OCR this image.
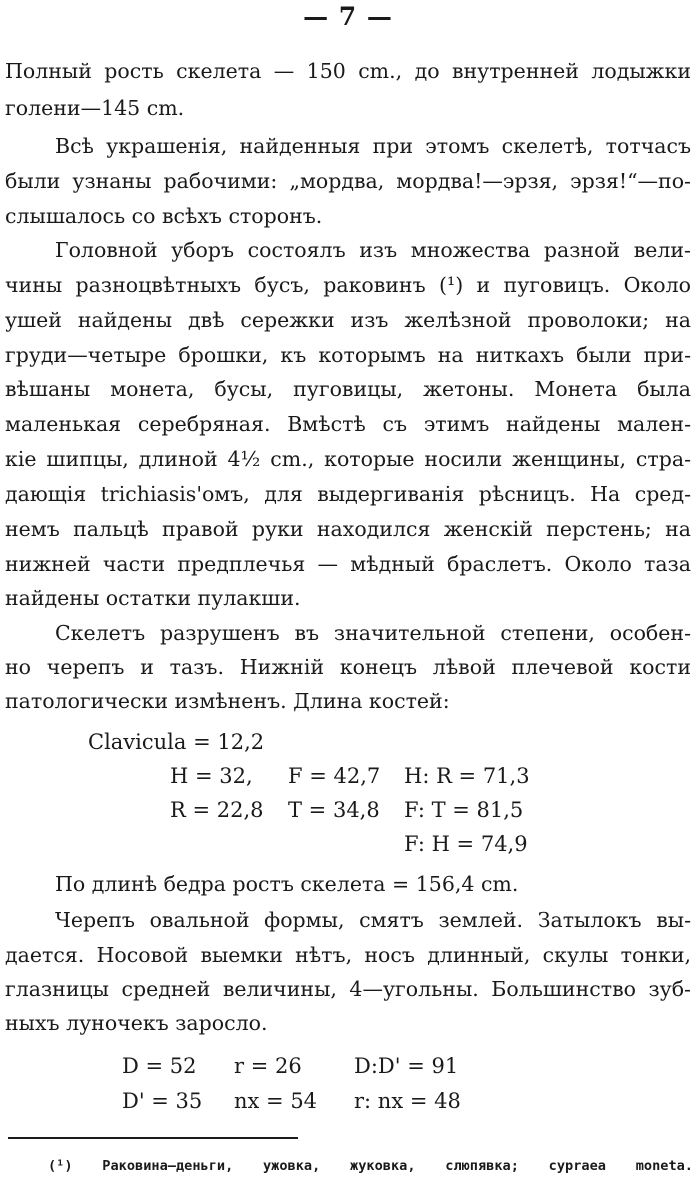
— 7 —
Полный рость скелета — 150 cm., до внутренней лодыжки
голени—145 cm.
Всѣ украшенія, найденныя при этомъ скелетѣ, тотчасъ
были узнаны рабочими: „мордва, мордва!—эрзя, эрзя!“—по-
слышалось со всѣхъ сторонъ.
Головной уборъ состоялъ изъ множества разной вели-
чины разноцвѣтныхъ бусъ, раковинъ (¹) и пуговицъ. Около
ушей найдены двѣ сережки изъ желѣзной проволоки; на
груди—четыре брошки, къ которымъ на ниткахъ были при-
вѣшаны монета, бусы, пуговицы, жетоны. Монета была
маленькая серебряная. Вмѣстѣ съ этимъ найдены мален-
кіе шипцы, длиной 4½ cm., которые носили женщины, стра-
дающія trichiasis'омъ, для выдергиванія рѣсницъ. На сред-
немъ пальцѣ правой руки находился женскій перстень; на
нижней части предплечья — мѣдный браслетъ. Около таза
найдены остатки пулакши.
Скелетъ разрушенъ въ значительной степени, особен-
но черепъ и тазъ. Нижній конецъ лѣвой плечевой кости
патологически измѣненъ. Длина костей:
Clavicula = 12,2
H = 32, F = 42,7 H: R = 71,3
R = 22,8 T = 34,8 F: T = 81,5
F: H = 74,9
По длинѣ бедра ростъ скелета = 156,4 cm.
Черепъ овальной формы, смятъ землей. Затылокъ вы-
дается. Носовой выемки нѣтъ, носъ длинный, скулы тонки,
глазницы средней величины, 4—угольны. Большинство зуб-
ныхъ луночекъ заросло.
D = 52 r = 26 D:D' = 91
D' = 35 nx = 54 r: nx = 48
(¹) Раковина—деньги, ужовка, жуковка, слюпявка; cypraea moneta.
